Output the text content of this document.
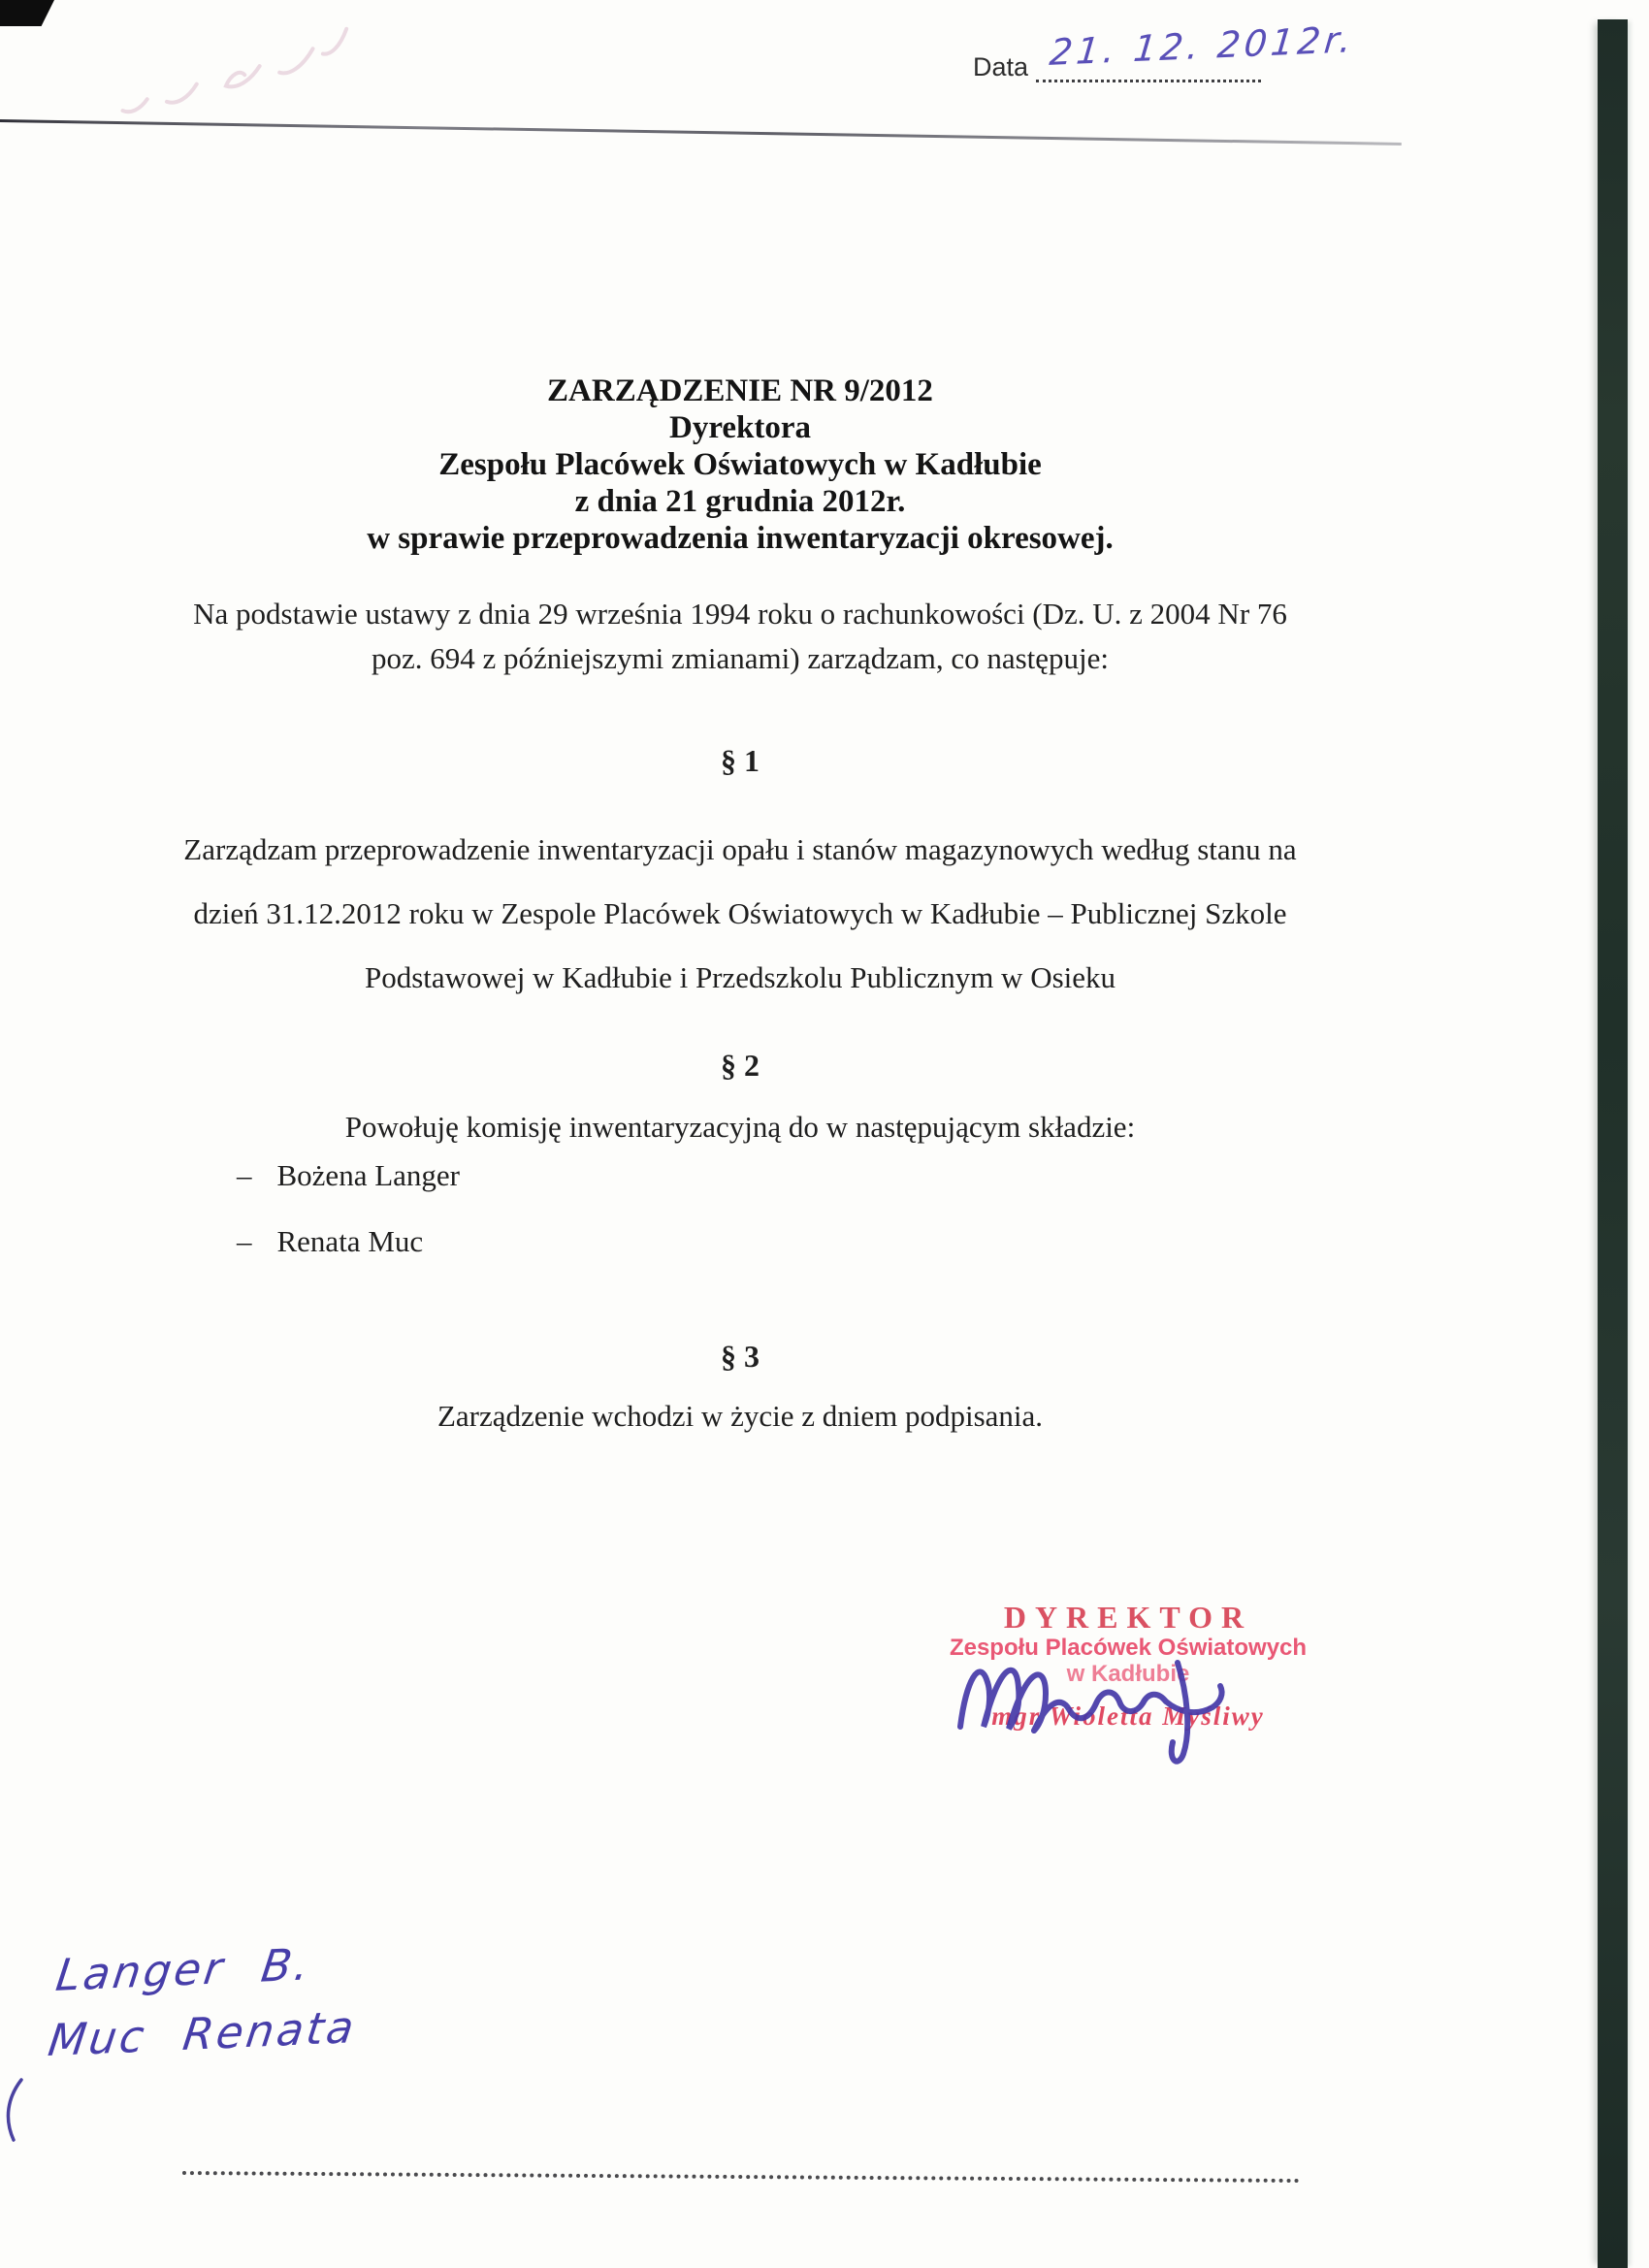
Data 21. 12. 2012r.
ZARZĄDZENIE NR 9/2012
Dyrektora
Zespołu Placówek Oświatowych w Kadłubie
z dnia 21 grudnia 2012r.
w sprawie przeprowadzenia inwentaryzacji okresowej.
Na podstawie ustawy z dnia 29 września 1994 roku o rachunkowości (Dz. U. z 2004 Nr 76
poz. 694 z późniejszymi zmianami) zarządzam, co następuje:
§ 1
Zarządzam przeprowadzenie inwentaryzacji opału i stanów magazynowych według stanu na
dzień 31.12.2012 roku w Zespole Placówek Oświatowych w Kadłubie – Publicznej Szkole
Podstawowej w Kadłubie i Przedszkolu Publicznym w Osieku
§ 2
Powołuję komisję inwentaryzacyjną do w następującym składzie:
– Bożena Langer
– Renata Muc
§ 3
Zarządzenie wchodzi w życie z dniem podpisania.
DYREKTOR
Zespołu Placówek Oświatowych
w Kadłubie
mgr Wioletta Myśliwy
Langer B.
Muc Renata
